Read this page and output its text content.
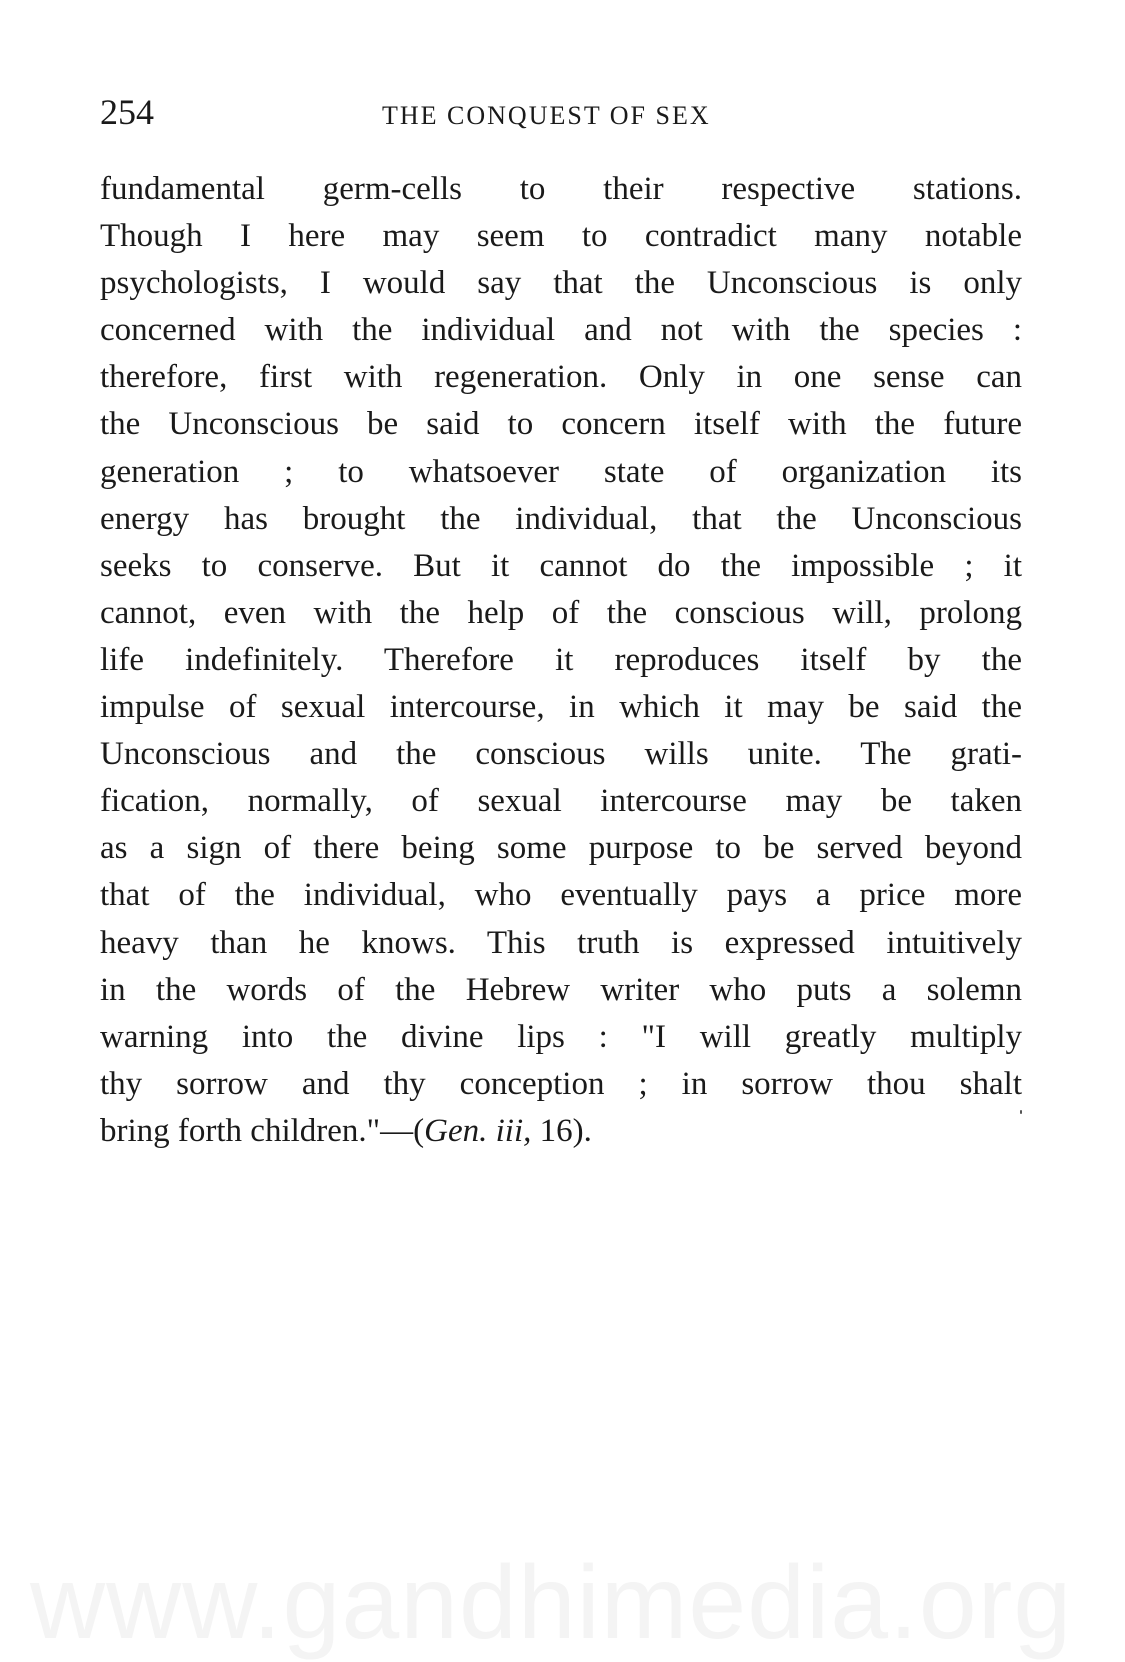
254	THE CONQUEST OF SEX
fundamental germ-cells to their respective stations.
Though I here may seem to contradict many notable
psychologists, I would say that the Unconscious is only
concerned with the individual and not with the species :
therefore, first with regeneration. Only in one sense can
the Unconscious be said to concern itself with the future
generation ; to whatsoever state of organization its
energy has brought the individual, that the Unconscious
seeks to conserve. But it cannot do the impossible ; it
cannot, even with the help of the conscious will, prolong
life indefinitely. Therefore it reproduces itself by the
impulse of sexual intercourse, in which it may be said the
Unconscious and the conscious wills unite. The grati-
fication, normally, of sexual intercourse may be taken
as a sign of there being some purpose to be served beyond
that of the individual, who eventually pays a price more
heavy than he knows. This truth is expressed intuitively
in the words of the Hebrew writer who puts a solemn
warning into the divine lips : "I will greatly multiply
thy sorrow and thy conception ; in sorrow thou shalt
bring forth children."—(Gen. iii, 16).
www.gandhimedia.org
